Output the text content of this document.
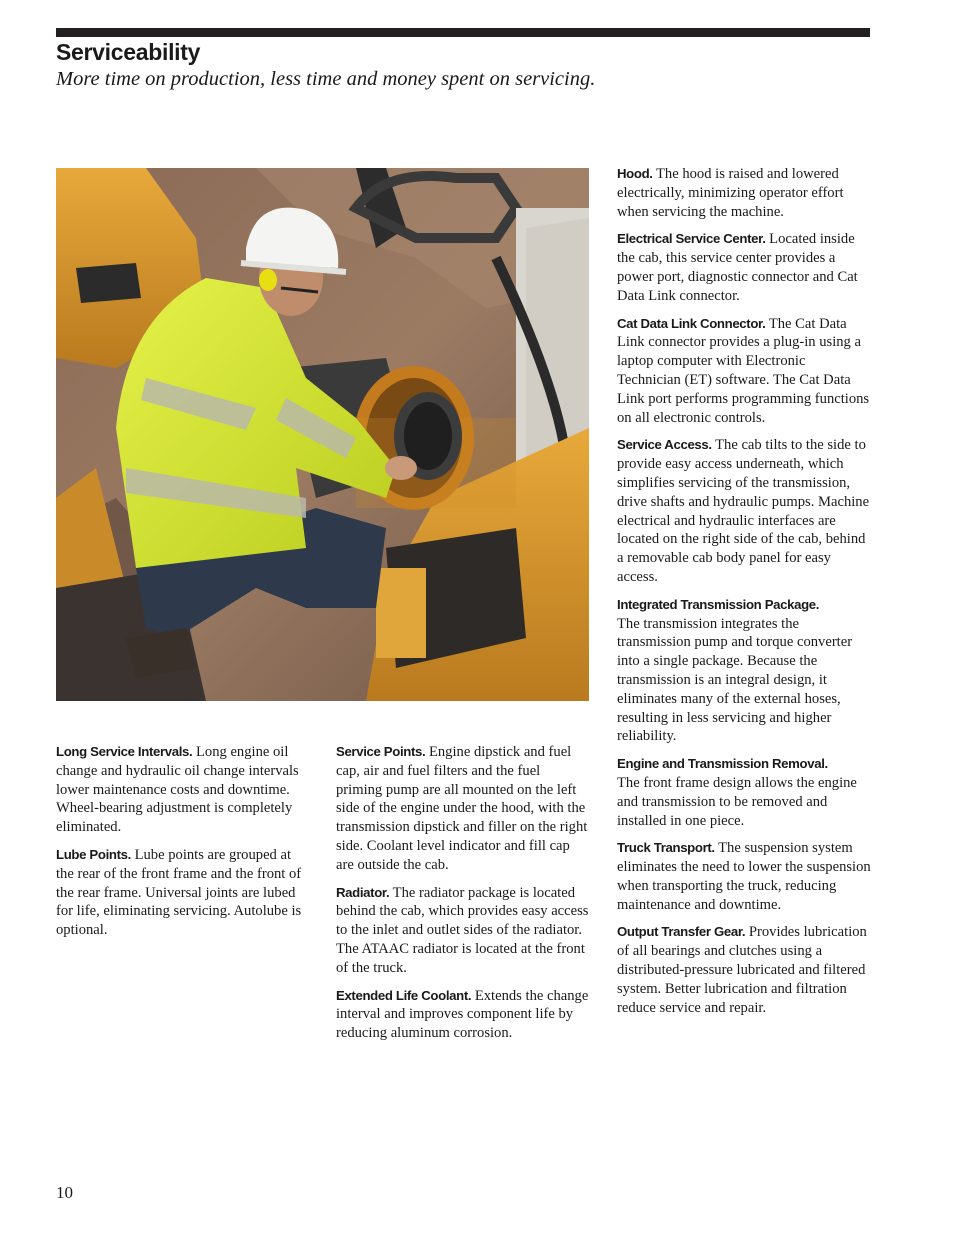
Serviceability

More time on production, less time and money spent on servicing.

Long Service Intervals. Long engine oil change and hydraulic oil change intervals lower maintenance costs and downtime. Wheel-bearing adjustment is completely eliminated.

Lube Points. Lube points are grouped at the rear of the front frame and the front of the rear frame. Universal joints are lubed for life, eliminating servicing. Autolube is optional.

Service Points. Engine dipstick and fuel cap, air and fuel filters and the fuel priming pump are all mounted on the left side of the engine under the hood, with the transmission dipstick and filler on the right side. Coolant level indicator and fill cap are outside the cab.

Radiator. The radiator package is located behind the cab, which provides easy access to the inlet and outlet sides of the radiator. The ATAAC radiator is located at the front of the truck.

Extended Life Coolant. Extends the change interval and improves component life by reducing aluminum corrosion.

Hood. The hood is raised and lowered electrically, minimizing operator effort when servicing the machine.

Electrical Service Center. Located inside the cab, this service center provides a power port, diagnostic connector and Cat Data Link connector.

Cat Data Link Connector. The Cat Data Link connector provides a plug-in using a laptop computer with Electronic Technician (ET) software. The Cat Data Link port performs programming functions on all electronic controls.

Service Access. The cab tilts to the side to provide easy access underneath, which simplifies servicing of the transmission, drive shafts and hydraulic pumps. Machine electrical and hydraulic interfaces are located on the right side of the cab, behind a removable cab body panel for easy access.

Integrated Transmission Package.
The transmission integrates the transmission pump and torque converter into a single package. Because the transmission is an integral design, it eliminates many of the external hoses, resulting in less servicing and higher reliability.

Engine and Transmission Removal.
The front frame design allows the engine and transmission to be removed and installed in one piece.

Truck Transport. The suspension system eliminates the need to lower the suspension when transporting the truck, reducing maintenance and downtime.

Output Transfer Gear. Provides lubrication of all bearings and clutches using a distributed-pressure lubricated and filtered system. Better lubrication and filtration reduce service and repair.

10
